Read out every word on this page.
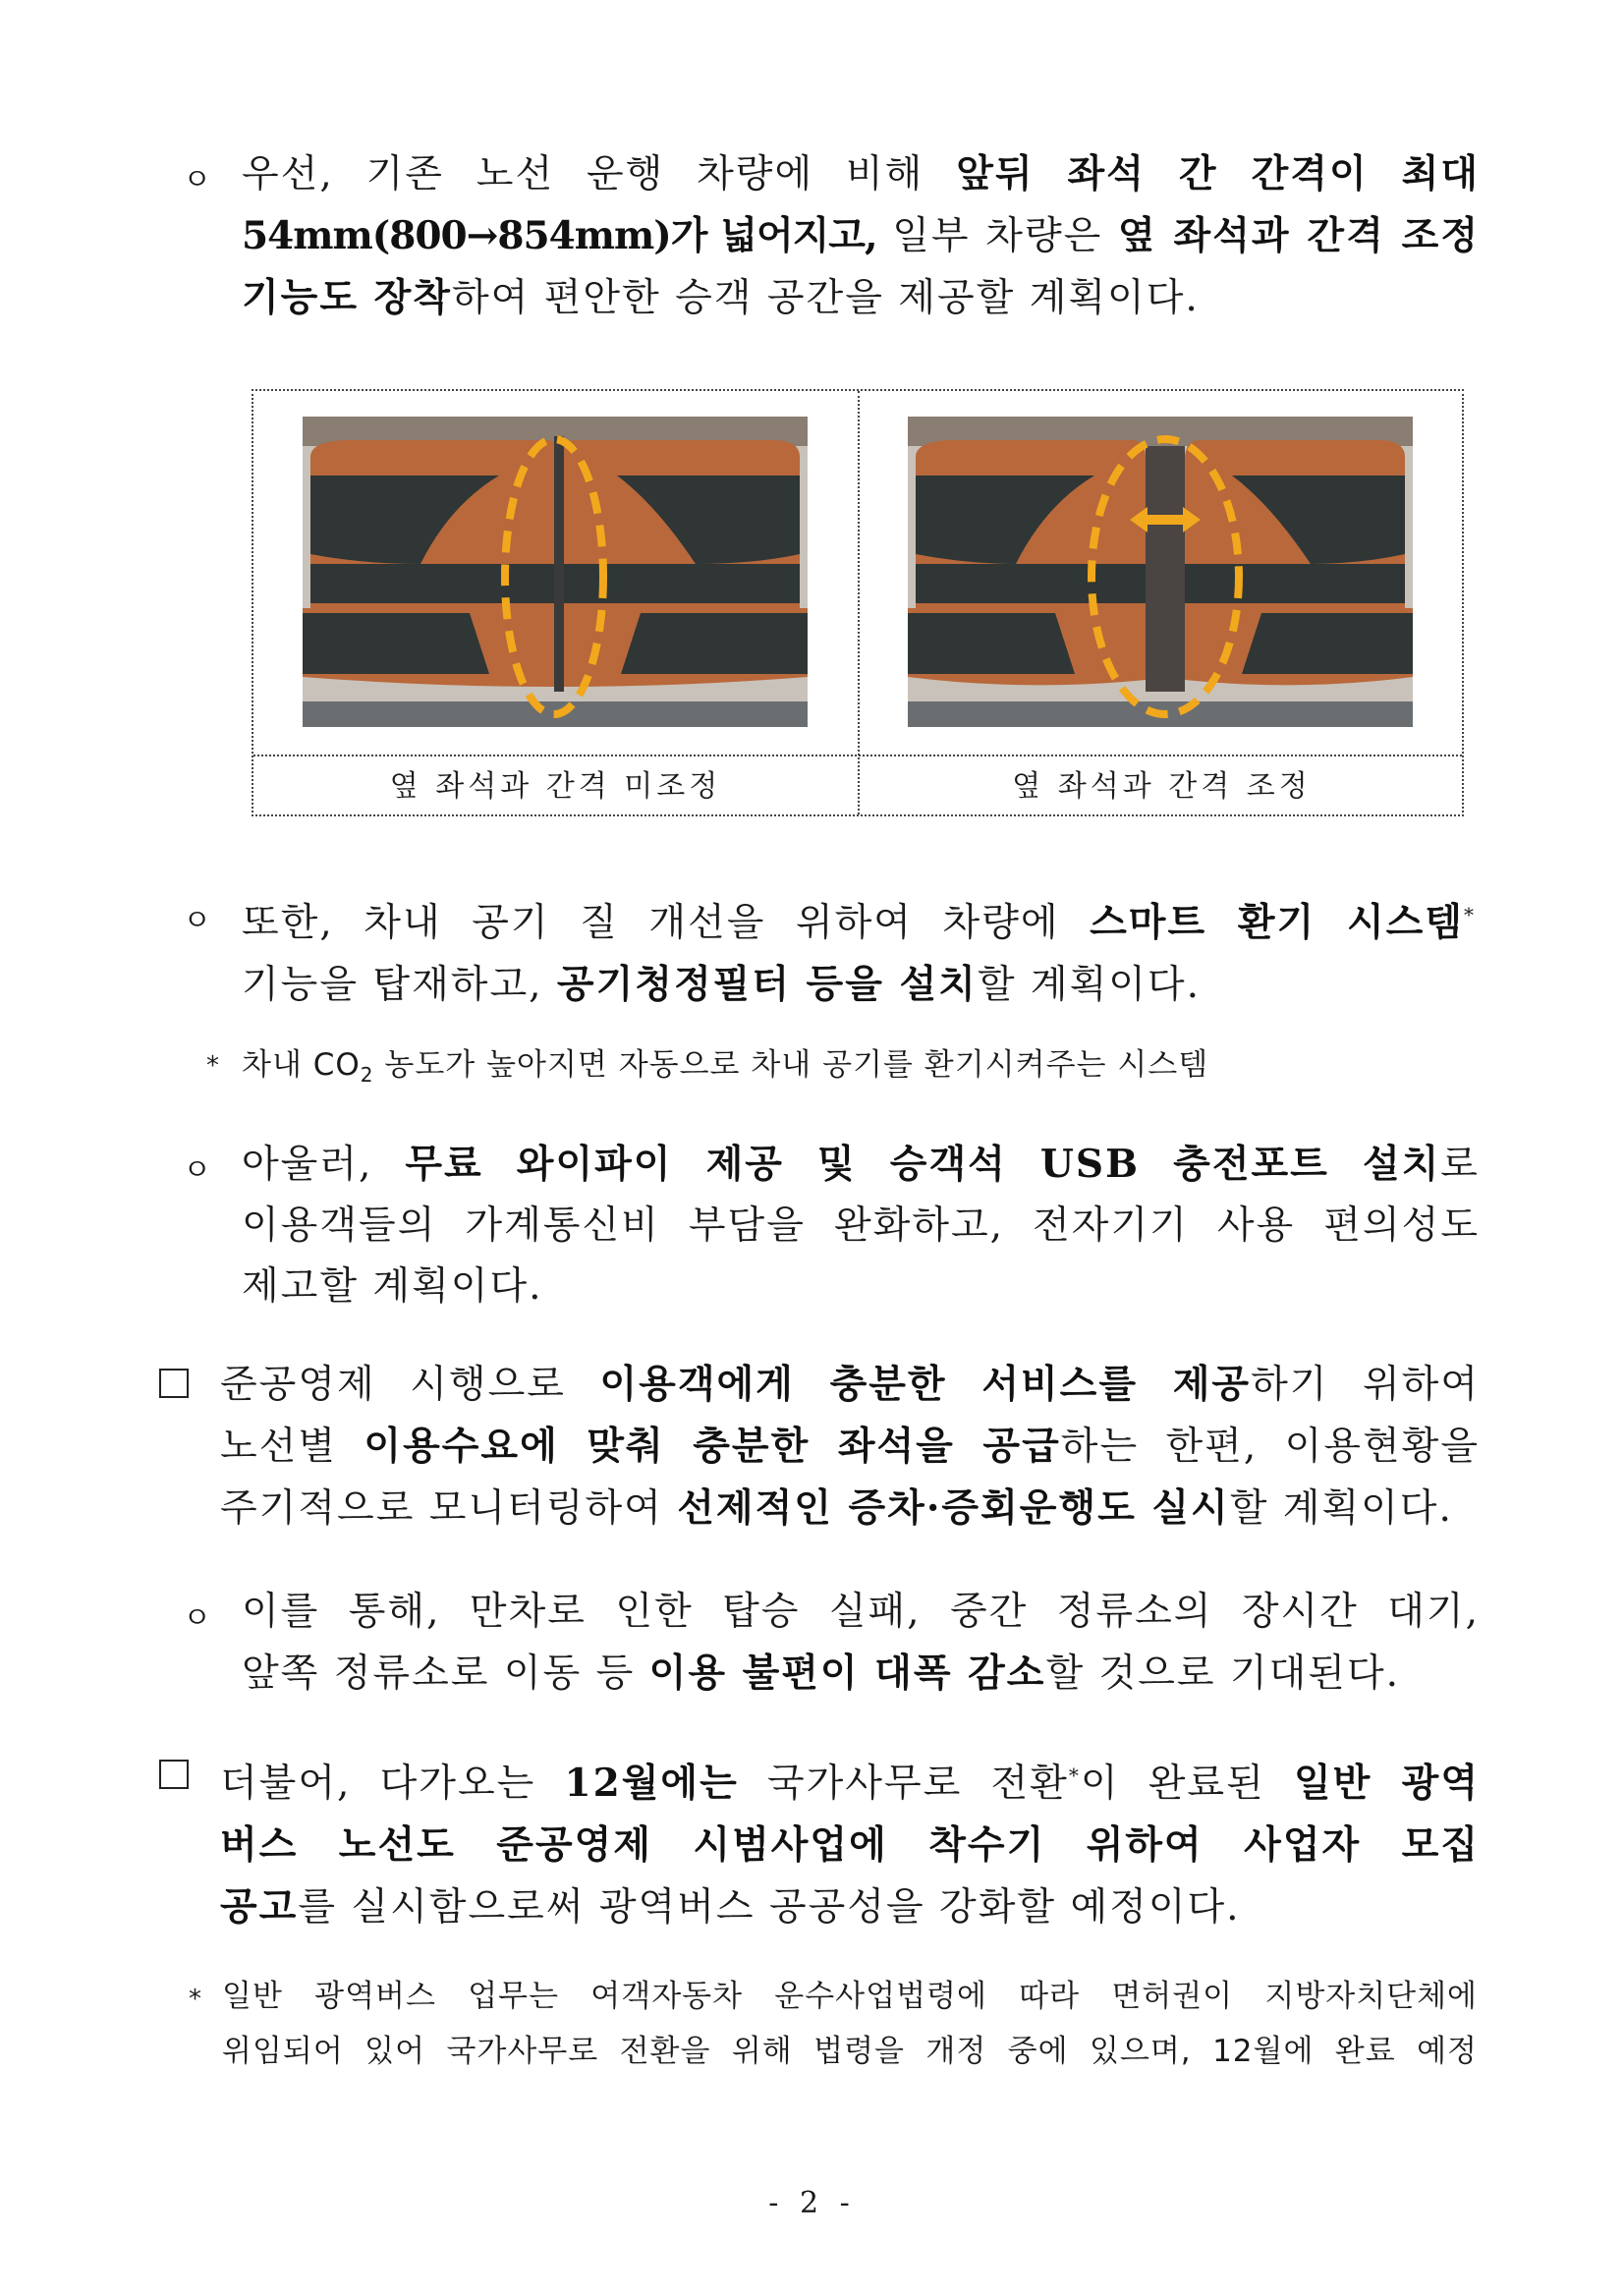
ㅇ 우선, 기존 노선 운행 차량에 비해 앞뒤 좌석 간 간격이 최대
54mm(800→854mm)가 넓어지고, 일부 차량은 옆 좌석과 간격 조정
기능도 장착하여 편안한 승객 공간을 제공할 계획이다.
옆 좌석과 간격 미조정	옆 좌석과 간격 조정
ㅇ 또한, 차내 공기 질 개선을 위하여 차량에 스마트 환기 시스템*
기능을 탑재하고, 공기청정필터 등을 설치할 계획이다.
* 차내 $CO_2$ 농도가 높아지면 자동으로 차내 공기를 환기시켜주는 시스템
ㅇ 아울러, 무료 와이파이 제공 및 승객석 USB 충전포트 설치로
이용객들의 가계통신비 부담을 완화하고, 전자기기 사용 편의성도
제고할 계획이다.
준공영제 시행으로 이용객에게 충분한 서비스를 제공하기 위하여
노선별 이용수요에 맞춰 충분한 좌석을 공급하는 한편, 이용현황을
주기적으로 모니터링하여 선제적인 증차·증회운행도 실시할 계획이다.
ㅇ 이를 통해, 만차로 인한 탑승 실패, 중간 정류소의 장시간 대기,
앞쪽 정류소로 이동 등 이용 불편이 대폭 감소할 것으로 기대된다.
더불어, 다가오는 12월에는 국가사무로 전환*이 완료된 일반 광역
버스 노선도 준공영제 시범사업에 착수기 위하여 사업자 모집
공고를 실시함으로써 광역버스 공공성을 강화할 예정이다.
* 일반 광역버스 업무는 여객자동차 운수사업법령에 따라 면허권이 지방자치단체에
위임되어 있어 국가사무로 전환을 위해 법령을 개정 중에 있으며, 12월에 완료 예정
- 2 -
